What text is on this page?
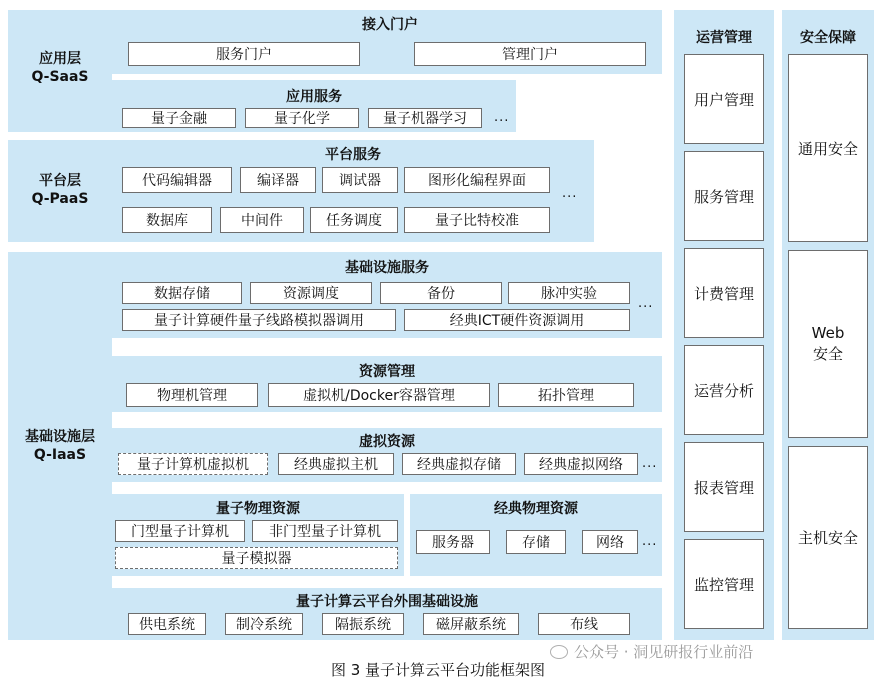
应用层
Q-SaaS
接入门户
服务门户	管理门户
应用服务
量子金融	量子化学	量子机器学习	...
平台层
Q-PaaS
平台服务
代码编辑器	编译器	调试器	图形化编程界面
数据库	中间件	任务调度	量子比特校准
...
基础设施层
Q-IaaS
基础设施服务
数据存储	资源调度	备份	脉冲实验
量子计算硬件量子线路模拟器调用	经典ICT硬件资源调用
...
资源管理
物理机管理	虚拟机/Docker容器管理	拓扑管理
虚拟资源
量子计算机虚拟机	经典虚拟主机	经典虚拟存储	经典虚拟网络	...
量子物理资源
门型量子计算机	非门型量子计算机
量子模拟器
经典物理资源
服务器	存储	网络	...
量子计算云平台外围基础设施
供电系统	制冷系统	隔振系统	磁屏蔽系统	布线
运营管理
用户管理
服务管理
计费管理
运营分析
报表管理
监控管理
安全保障
通用安全
Web
安全
主机安全
公众号 · 洞见研报行业前沿
图 3 量子计算云平台功能框架图
